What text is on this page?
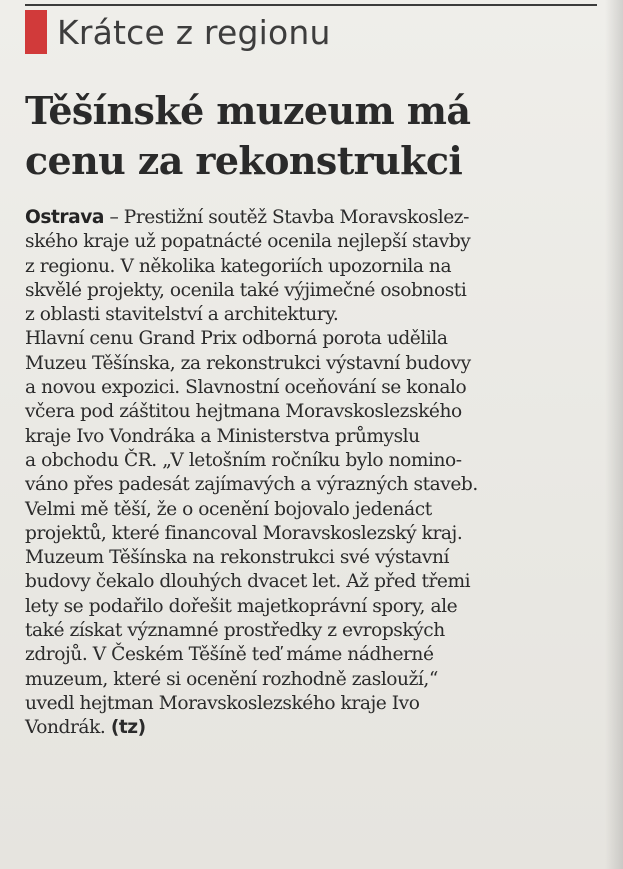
Krátce z regionu
Těšínské muzeum má
cenu za rekonstrukci
Ostrava – Prestižní soutěž Stavba Moravskoslez-
ského kraje už popatnácté ocenila nejlepší stavby
z regionu. V několika kategoriích upozornila na
skvělé projekty, ocenila také výjimečné osobnosti
z oblasti stavitelství a architektury.
Hlavní cenu Grand Prix odborná porota udělila
Muzeu Těšínska, za rekonstrukci výstavní budovy
a novou expozici. Slavnostní oceňování se konalo
včera pod záštitou hejtmana Moravskoslezského
kraje Ivo Vondráka a Ministerstva průmyslu
a obchodu ČR. „V letošním ročníku bylo nomino-
váno přes padesát zajímavých a výrazných staveb.
Velmi mě těší, že o ocenění bojovalo jedenáct
projektů, které financoval Moravskoslezský kraj.
Muzeum Těšínska na rekonstrukci své výstavní
budovy čekalo dlouhých dvacet let. Až před třemi
lety se podařilo dořešit majetkoprávní spory, ale
také získat významné prostředky z evropských
zdrojů. V Českém Těšíně teď máme nádherné
muzeum, které si ocenění rozhodně zaslouží,“
uvedl hejtman Moravskoslezského kraje Ivo
Vondrák. (tz)
